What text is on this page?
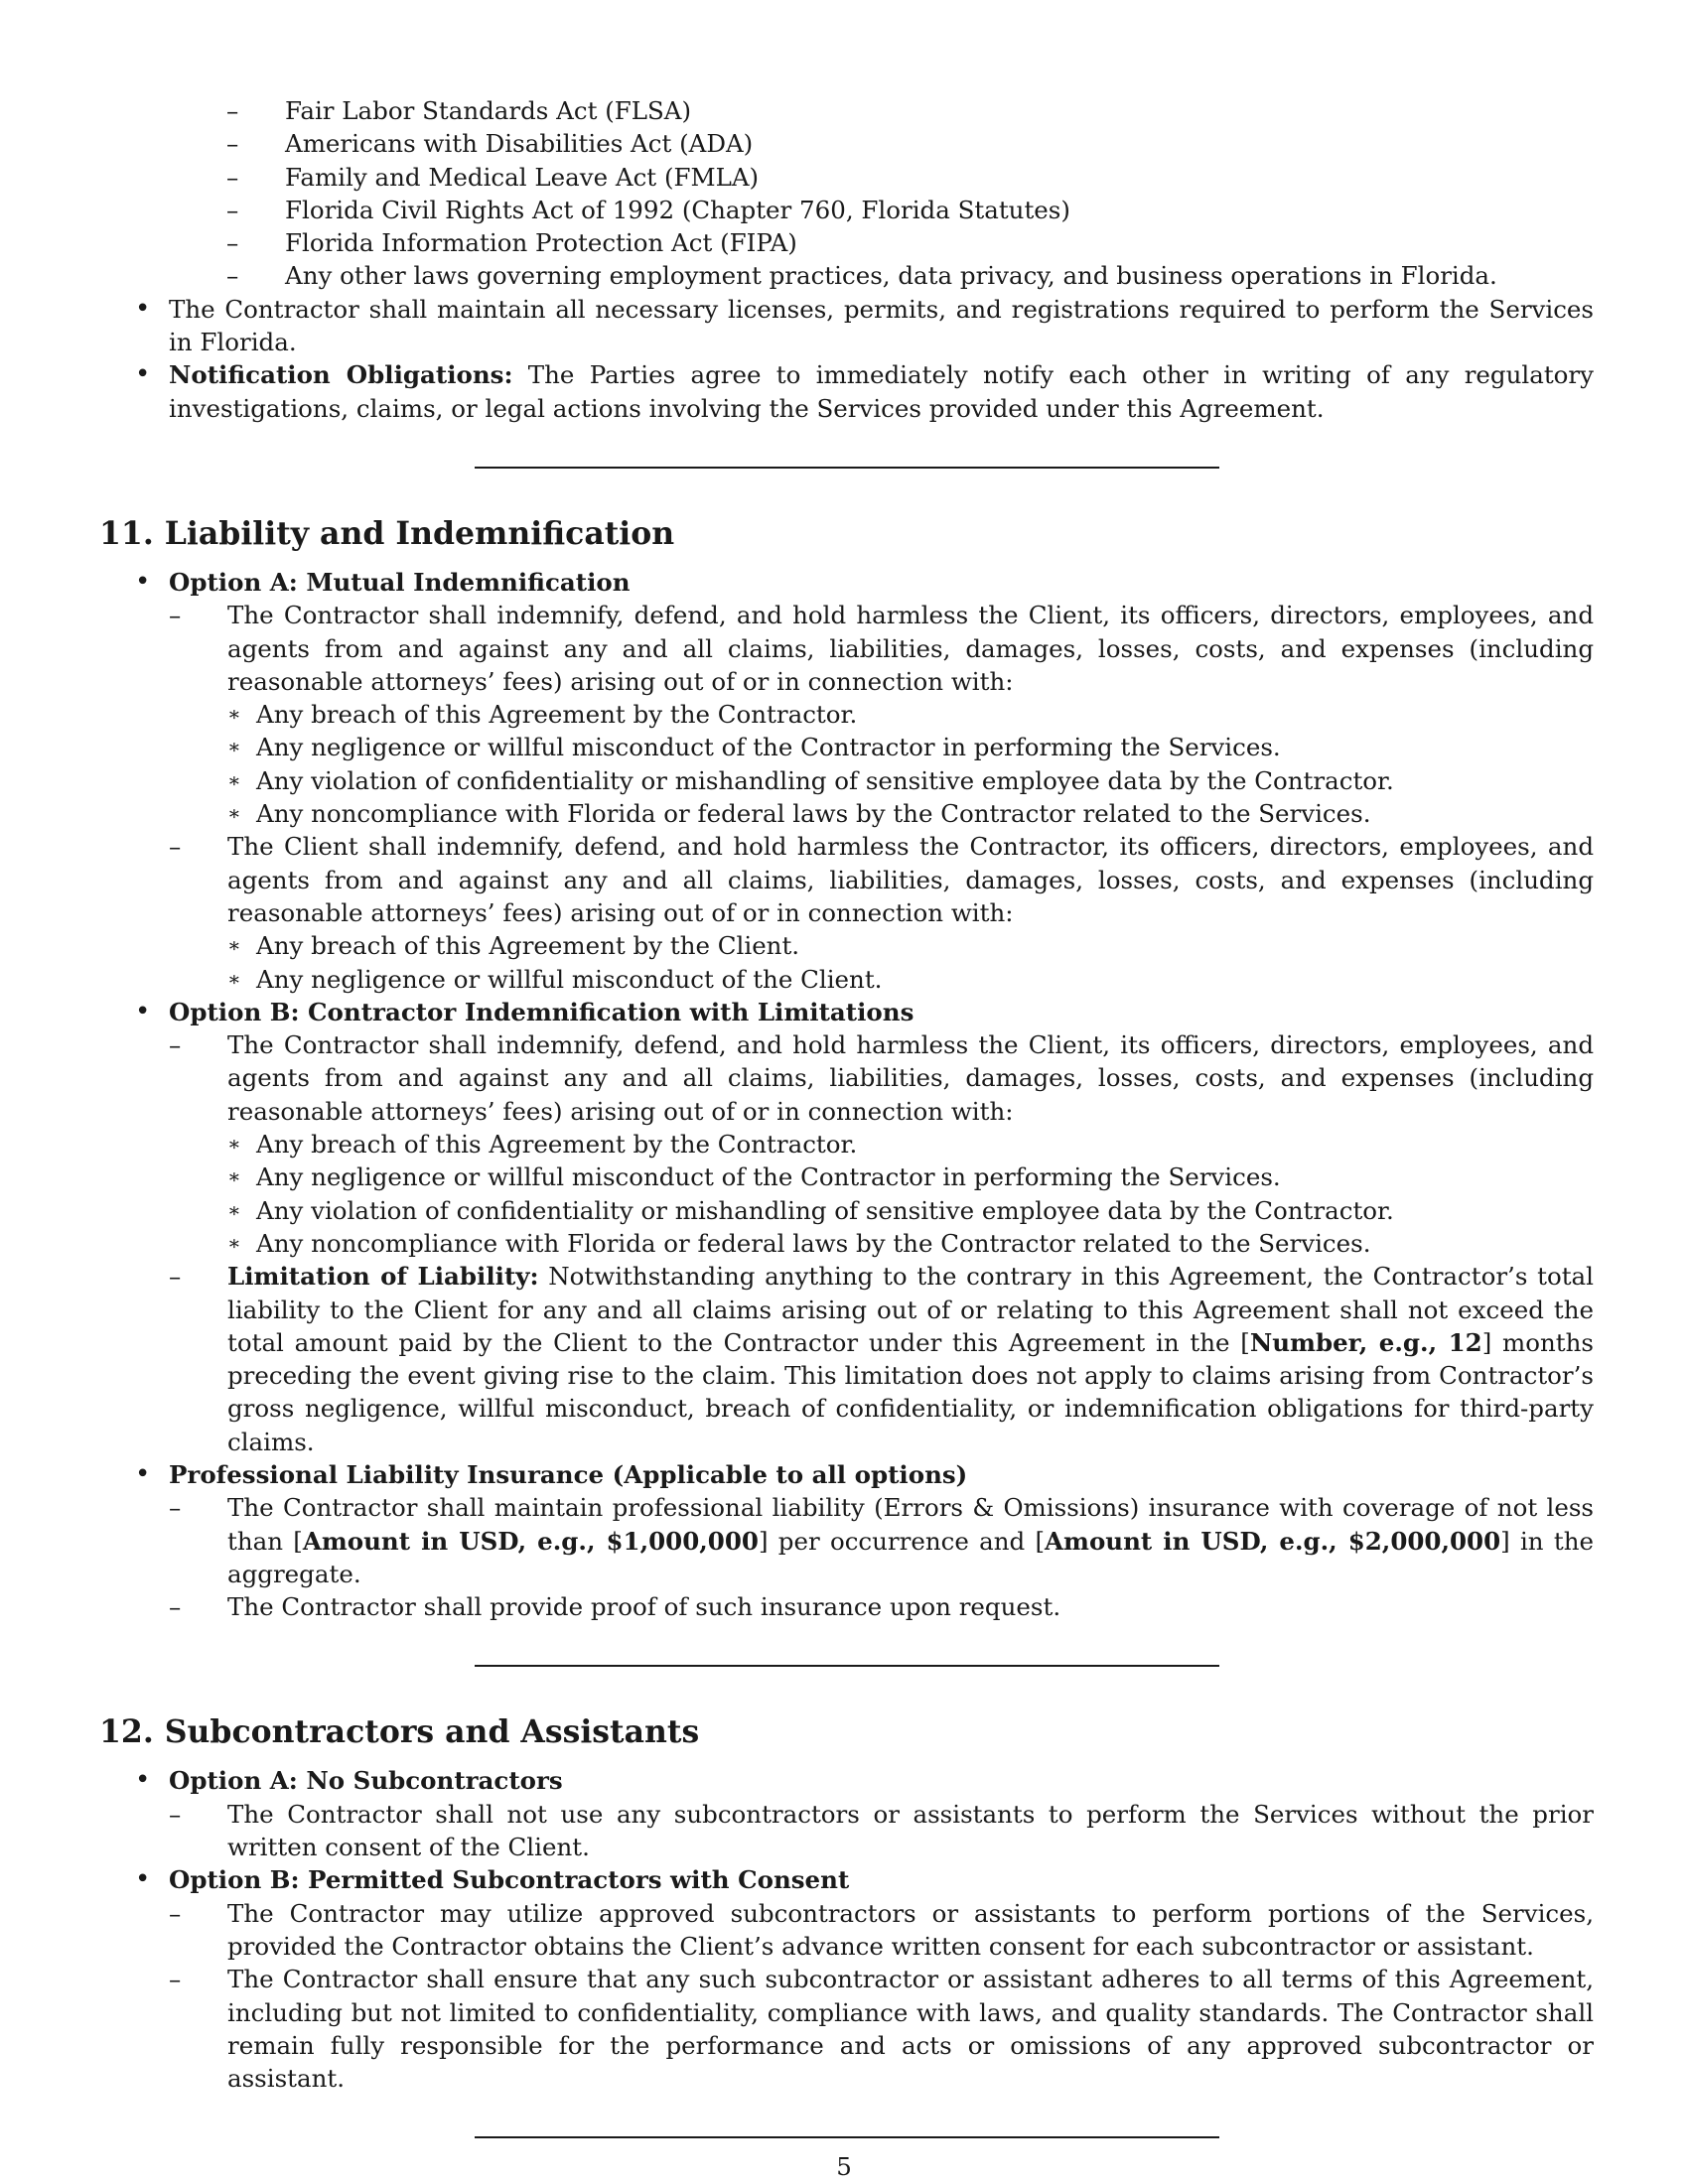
– Fair Labor Standards Act (FLSA)
– Americans with Disabilities Act (ADA)
– Family and Medical Leave Act (FMLA)
– Florida Civil Rights Act of 1992 (Chapter 760, Florida Statutes)
– Florida Information Protection Act (FIPA)
– Any other laws governing employment practices, data privacy, and business operations in Florida.
• The Contractor shall maintain all necessary licenses, permits, and registrations required to perform the Services in Florida.
• Notification Obligations: The Parties agree to immediately notify each other in writing of any regulatory investigations, claims, or legal actions involving the Services provided under this Agreement.
11. Liability and Indemnification
• Option A: Mutual Indemnification
– The Contractor shall indemnify, defend, and hold harmless the Client, its officers, directors, employees, and agents from and against any and all claims, liabilities, damages, losses, costs, and expenses (including reasonable attorneys’ fees) arising out of or in connection with:
∗ Any breach of this Agreement by the Contractor.
∗ Any negligence or willful misconduct of the Contractor in performing the Services.
∗ Any violation of confidentiality or mishandling of sensitive employee data by the Contractor.
∗ Any noncompliance with Florida or federal laws by the Contractor related to the Services.
– The Client shall indemnify, defend, and hold harmless the Contractor, its officers, directors, employees, and agents from and against any and all claims, liabilities, damages, losses, costs, and expenses (including reasonable attorneys’ fees) arising out of or in connection with:
∗ Any breach of this Agreement by the Client.
∗ Any negligence or willful misconduct of the Client.
• Option B: Contractor Indemnification with Limitations
– The Contractor shall indemnify, defend, and hold harmless the Client, its officers, directors, employees, and agents from and against any and all claims, liabilities, damages, losses, costs, and expenses (including reasonable attorneys’ fees) arising out of or in connection with:
∗ Any breach of this Agreement by the Contractor.
∗ Any negligence or willful misconduct of the Contractor in performing the Services.
∗ Any violation of confidentiality or mishandling of sensitive employee data by the Contractor.
∗ Any noncompliance with Florida or federal laws by the Contractor related to the Services.
– Limitation of Liability: Notwithstanding anything to the contrary in this Agreement, the Contractor’s total liability to the Client for any and all claims arising out of or relating to this Agreement shall not exceed the total amount paid by the Client to the Contractor under this Agreement in the [Number, e.g., 12] months preceding the event giving rise to the claim. This limitation does not apply to claims arising from Contractor’s gross negligence, willful misconduct, breach of confidentiality, or indemnification obligations for third-party claims.
• Professional Liability Insurance (Applicable to all options)
– The Contractor shall maintain professional liability (Errors & Omissions) insurance with coverage of not less than [Amount in USD, e.g., $1,000,000] per occurrence and [Amount in USD, e.g., $2,000,000] in the aggregate.
– The Contractor shall provide proof of such insurance upon request.
12. Subcontractors and Assistants
• Option A: No Subcontractors
– The Contractor shall not use any subcontractors or assistants to perform the Services without the prior written consent of the Client.
• Option B: Permitted Subcontractors with Consent
– The Contractor may utilize approved subcontractors or assistants to perform portions of the Services, provided the Contractor obtains the Client’s advance written consent for each subcontractor or assistant.
– The Contractor shall ensure that any such subcontractor or assistant adheres to all terms of this Agreement, including but not limited to confidentiality, compliance with laws, and quality standards. The Contractor shall remain fully responsible for the performance and acts or omissions of any approved subcontractor or assistant.
5
